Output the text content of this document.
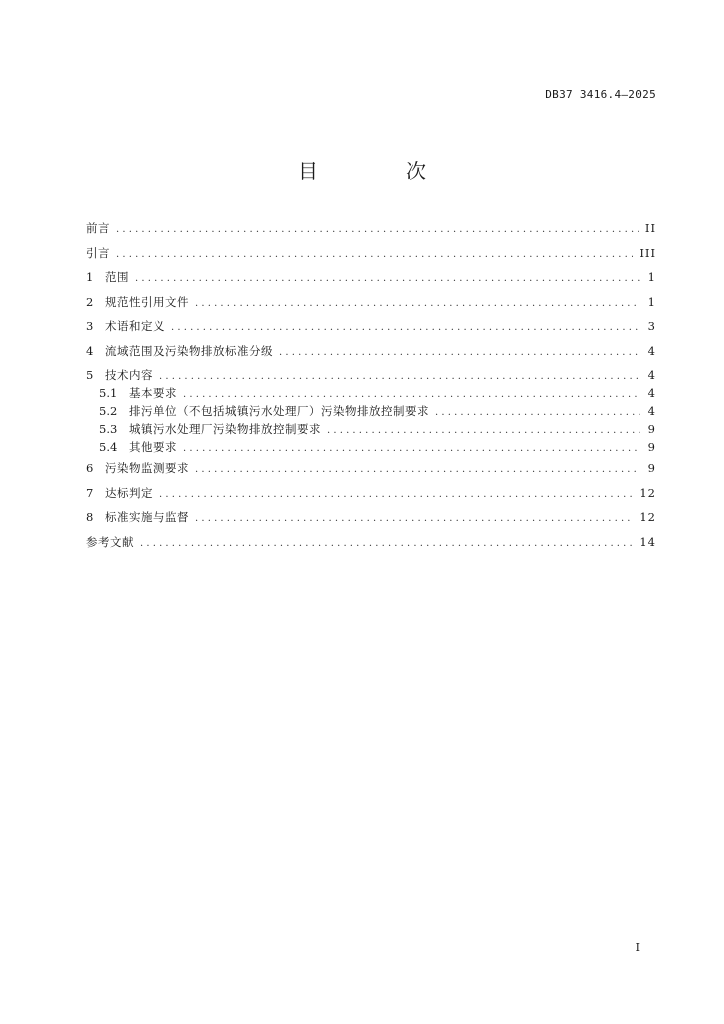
DB37 3416.4—2025
目　次
前言 . . .	II
引言 . . .	III
1	范围 . . .	1
2	规范性引用文件 . . .	1
3	术语和定义 . . .	3
4	流域范围及污染物排放标准分级 . . .	4
5	技术内容 . . .	4
5.1	基本要求 . . .	4
5.2	排污单位（不包括城镇污水处理厂）污染物排放控制要求 . . .	4
5.3	城镇污水处理厂污染物排放控制要求 . . .	9
5.4	其他要求 . . .	9
6	污染物监测要求 . . .	9
7	达标判定 . . .	12
8	标准实施与监督 . . .	12
参考文献 . . .	14
I
